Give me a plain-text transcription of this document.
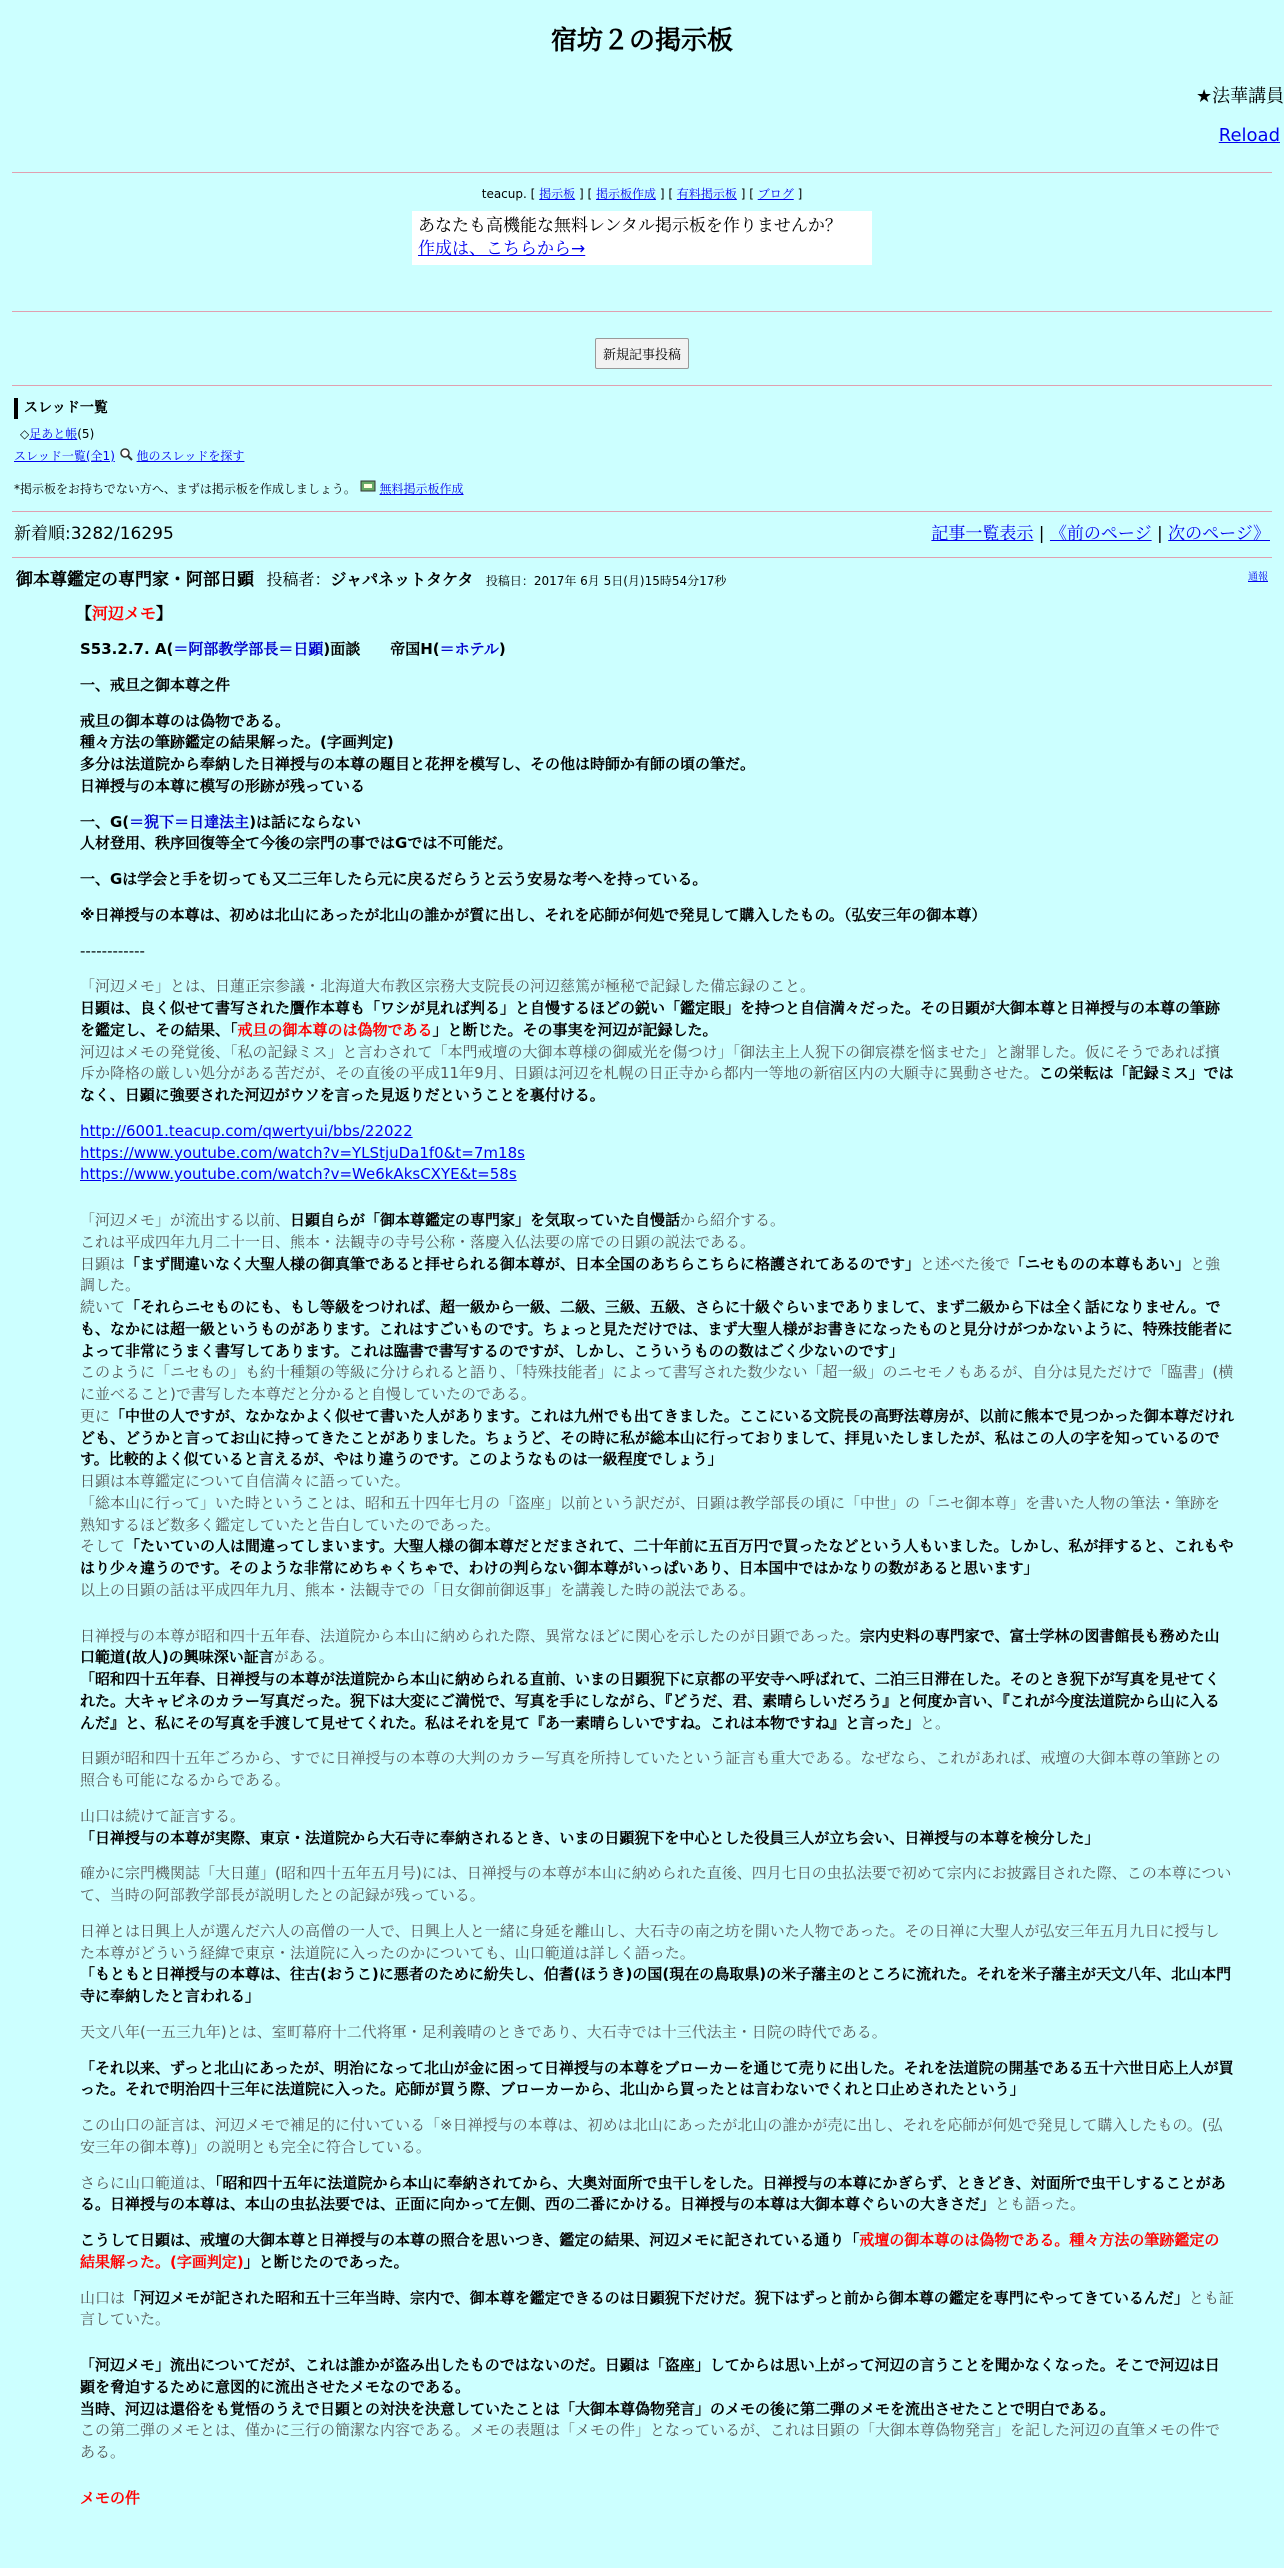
宿坊２の掲示板
★法華講員
Reload
teacup. [ 掲示板 ] [ 掲示板作成 ] [ 有料掲示板 ] [ ブログ ]
あなたも高機能な無料レンタル掲示板を作りませんか？
作成は、こちらから→
新規記事投稿
スレッド一覧
◇足あと帳(5)
スレッド一覧(全1) 他のスレッドを探す
*掲示板をお持ちでない方へ、まずは掲示板を作成しましょう。 無料掲示板作成
新着順:3282/16295	記事一覧表示 | 《前のページ | 次のページ》
御本尊鑑定の専門家・阿部日顕 投稿者：ジャパネットタケタ 投稿日：2017年 6月 5日(月)15時54分17秒	通報

【河辺メモ】

S53.2.7. A(＝阿部教学部長＝日顕)面談　　帝国H(＝ホテル)

一、戒旦之御本尊之件

戒旦の御本尊のは偽物である。
種々方法の筆跡鑑定の結果解った。(字画判定)
多分は法道院から奉納した日禅授与の本尊の題目と花押を模写し、その他は時師か有師の頃の筆だ。
日禅授与の本尊に模写の形跡が残っている

一、G(＝猊下＝日達法主)は話にならない
人材登用、秩序回復等全て今後の宗門の事ではGでは不可能だ。

一、Gは学会と手を切っても又二三年したら元に戻るだらうと云う安易な考へを持っている。

※日禅授与の本尊は、初めは北山にあったが北山の誰かが質に出し、それを応師が何処で発見して購入したもの。（弘安三年の御本尊）

------------

「河辺メモ」とは、日蓮正宗参議・北海道大布教区宗務大支院長の河辺慈篤が極秘で記録した備忘録のこと。
日顕は、良く似せて書写された贋作本尊も「ワシが見れば判る」と自慢するほどの鋭い「鑑定眼」を持つと自信満々だった。その日顕が大御本尊と日禅授与の本尊の筆跡を鑑定し、その結果、「戒旦の御本尊のは偽物である」と断じた。その事実を河辺が記録した。
河辺はメモの発覚後、「私の記録ミス」と言わされて「本門戒壇の大御本尊様の御威光を傷つけ」「御法主上人猊下の御宸襟を悩ませた」と謝罪した。仮にそうであれば擯斥か降格の厳しい処分がある苦だが、その直後の平成11年9月、日顕は河辺を札幌の日正寺から都内一等地の新宿区内の大願寺に異動させた。この栄転は「記録ミス」ではなく、日顕に強要された河辺がウソを言った見返りだということを裏付ける。

http://6001.teacup.com/qwertyui/bbs/22022
https://www.youtube.com/watch?v=YLStjuDa1f0&t=7m18s
https://www.youtube.com/watch?v=We6kAksCXYE&t=58s

「河辺メモ」が流出する以前、日顕自らが「御本尊鑑定の専門家」を気取っていた自慢話から紹介する。
これは平成四年九月二十一日、熊本・法観寺の寺号公称・落慶入仏法要の席での日顕の説法である。
日顕は「まず間違いなく大聖人様の御真筆であると拝せられる御本尊が、日本全国のあちらこちらに格護されてあるのです」と述べた後で「ニセものの本尊もあい」と強調した。
続いて「それらニセものにも、もし等級をつければ、超一級から一級、二級、三級、五級、さらに十級ぐらいまでありまして、まず二級から下は全く話になりません。でも、なかには超一級というものがあります。これはすごいものです。ちょっと見ただけでは、まず大聖人様がお書きになったものと見分けがつかないように、特殊技能者によって非常にうまく書写してあります。これは臨書で書写するのですが、しかし、こういうものの数はごく少ないのです」
このように「ニセもの」も約十種類の等級に分けられると語り、「特殊技能者」によって書写された数少ない「超一級」のニセモノもあるが、自分は見ただけで「臨書」(横に並べること)で書写した本尊だと分かると自慢していたのである。
更に「中世の人ですが、なかなかよく似せて書いた人があります。これは九州でも出てきました。ここにいる文院長の高野法尊房が、以前に熊本で見つかった御本尊だけれども、どうかと言ってお山に持ってきたことがありました。ちょうど、その時に私が総本山に行っておりまして、拝見いたしましたが、私はこの人の字を知っているのです。比較的よく似ていると言えるが、やはり違うのです。このようなものは一級程度でしょう」
日顕は本尊鑑定について自信満々に語っていた。
「総本山に行って」いた時ということは、昭和五十四年七月の「盗座」以前という訳だが、日顕は教学部長の頃に「中世」の「ニセ御本尊」を書いた人物の筆法・筆跡を熟知するほど数多く鑑定していたと告白していたのであった。
そして「たいていの人は間違ってしまいます。大聖人様の御本尊だとだまされて、二十年前に五百万円で買ったなどという人もいました。しかし、私が拝すると、これもやはり少々違うのです。そのような非常にめちゃくちゃで、わけの判らない御本尊がいっぱいあり、日本国中ではかなりの数があると思います」
以上の日顕の話は平成四年九月、熊本・法観寺での「日女御前御返事」を講義した時の説法である。

日禅授与の本尊が昭和四十五年春、法道院から本山に納められた際、異常なほどに関心を示したのが日顕であった。宗内史料の専門家で、富士学林の図書館長も務めた山口範道(故人)の興味深い証言がある。
「昭和四十五年春、日禅授与の本尊が法道院から本山に納められる直前、いまの日顕猊下に京都の平安寺へ呼ばれて、二泊三日滞在した。そのとき猊下が写真を見せてくれた。大キャビネのカラー写真だった。猊下は大変にご満悦で、写真を手にしながら、『どうだ、君、素晴らしいだろう』と何度か言い、『これが今度法道院から山に入るんだ』と、私にその写真を手渡して見せてくれた。私はそれを見て『あ一素晴らしいですね。これは本物ですね』と言った」と。

日顕が昭和四十五年ごろから、すでに日禅授与の本尊の大判のカラー写真を所持していたという証言も重大である。なぜなら、これがあれば、戒壇の大御本尊の筆跡との照合も可能になるからである。

山口は続けて証言する。
「日禅授与の本尊が実際、東京・法道院から大石寺に奉納されるとき、いまの日顕猊下を中心とした役員三人が立ち会い、日禅授与の本尊を検分した」

確かに宗門機関誌「大日蓮」(昭和四十五年五月号)には、日禅授与の本尊が本山に納められた直後、四月七日の虫払法要で初めて宗内にお披露目された際、この本尊について、当時の阿部教学部長が説明したとの記録が残っている。

日禅とは日興上人が選んだ六人の高僧の一人で、日興上人と一緒に身延を離山し、大石寺の南之坊を開いた人物であった。その日禅に大聖人が弘安三年五月九日に授与した本尊がどういう経緯で東京・法道院に入ったのかについても、山口範道は詳しく語った。
「もともと日禅授与の本尊は、往古(おうこ)に悪者のために紛失し、伯耆(ほうき)の国(現在の鳥取県)の米子藩主のところに流れた。それを米子藩主が天文八年、北山本門寺に奉納したと言われる」

天文八年(一五三九年)とは、室町幕府十二代将軍・足利義晴のときであり、大石寺では十三代法主・日院の時代である。

「それ以来、ずっと北山にあったが、明治になって北山が金に困って日禅授与の本尊をブローカーを通じて売りに出した。それを法道院の開基である五十六世日応上人が買った。それで明治四十三年に法道院に入った。応師が買う際、ブローカーから、北山から買ったとは言わないでくれと口止めされたという」

この山口の証言は、河辺メモで補足的に付いている「※日禅授与の本尊は、初めは北山にあったが北山の誰かが売に出し、それを応師が何処で発見して購入したもの。(弘安三年の御本尊)」の説明とも完全に符合している。

さらに山口範道は、「昭和四十五年に法道院から本山に奉納されてから、大奥対面所で虫干しをした。日禅授与の本尊にかぎらず、ときどき、対面所で虫干しすることがある。日禅授与の本尊は、本山の虫払法要では、正面に向かって左側、西の二番にかける。日禅授与の本尊は大御本尊ぐらいの大きさだ」とも語った。

こうして日顕は、戒壇の大御本尊と日禅授与の本尊の照合を思いつき、鑑定の結果、河辺メモに記されている通り「戒壇の御本尊のは偽物である。種々方法の筆跡鑑定の結果解った。(字画判定)」と断じたのであった。

山口は「河辺メモが記された昭和五十三年当時、宗内で、御本尊を鑑定できるのは日顕猊下だけだ。猊下はずっと前から御本尊の鑑定を専門にやってきているんだ」とも証言していた。

「河辺メモ」流出についてだが、これは誰かが盗み出したものではないのだ。日顕は「盗座」してからは思い上がって河辺の言うことを聞かなくなった。そこで河辺は日顕を脅迫するために意図的に流出させたメモなのである。
当時、河辺は還俗をも覚悟のうえで日顕との対決を決意していたことは「大御本尊偽物発言」のメモの後に第二弾のメモを流出させたことで明白である。
この第二弾のメモとは、僅かに三行の簡潔な内容である。メモの表題は「メモの件」となっているが、これは日顕の「大御本尊偽物発言」を記した河辺の直筆メモの件である。

メモの件
